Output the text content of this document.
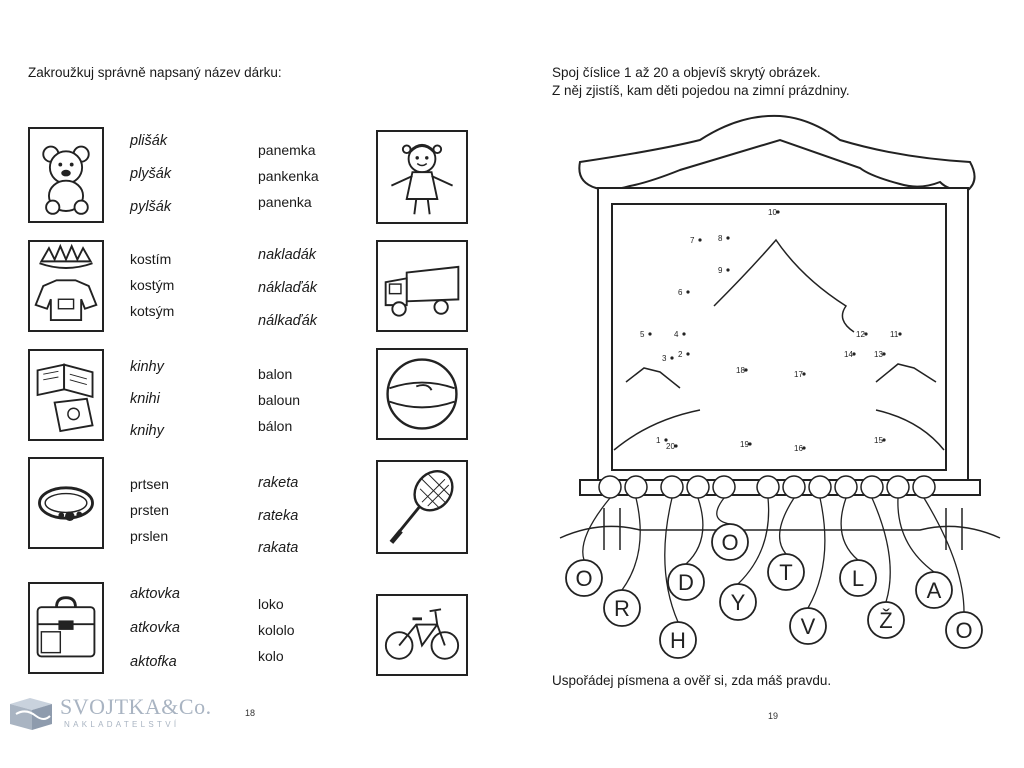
Zakroužkuj správně napsaný název dárku:
plišák
plyšák
pylšák
kostím
kostým
kotsým
kinhy
knihi
knihy
prtsen
prsten
prslen
aktovka
atkovka
aktofka
panemka
pankenka
panenka
nakladák
náklaďák
nálkaďák
balon
baloun
bálon
raketa
rateka
rakata
loko
kololo
kolo
18
SVOJTKA&Co.
NAKLADATELSTVÍ
Spoj číslice 1 až 20 a objevíš skrytý obrázek.
Z něj zjistíš, kam děti pojedou na zimní prázdniny.
1
2
3
4
5
6
7	8
9
10
11
12
13
14
15
16
17
18
19
20
O
R
H
D
O
Y
T
V
L
Ž
A
O
Uspořádej písmena a ověř si, zda máš pravdu.
19
